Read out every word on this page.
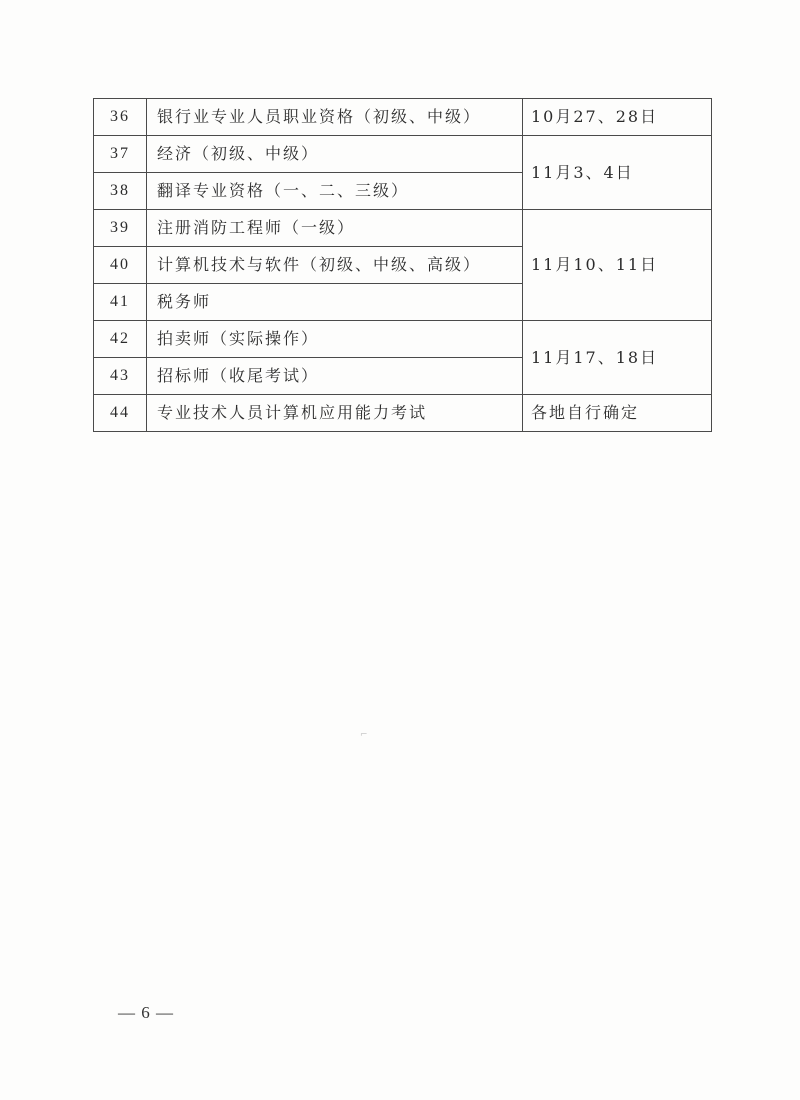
36	银行业专业人员职业资格（初级、中级）	10月27、28日
37	经济（初级、中级）	11月3、4日
38	翻译专业资格（一、二、三级）	
39	注册消防工程师（一级）	11月10、11日
40	计算机技术与软件（初级、中级、高级）	
41	税务师	
42	拍卖师（实际操作）	11月17、18日
43	招标师（收尾考试）	
44	专业技术人员计算机应用能力考试	各地自行确定
— 6 —
⌐
